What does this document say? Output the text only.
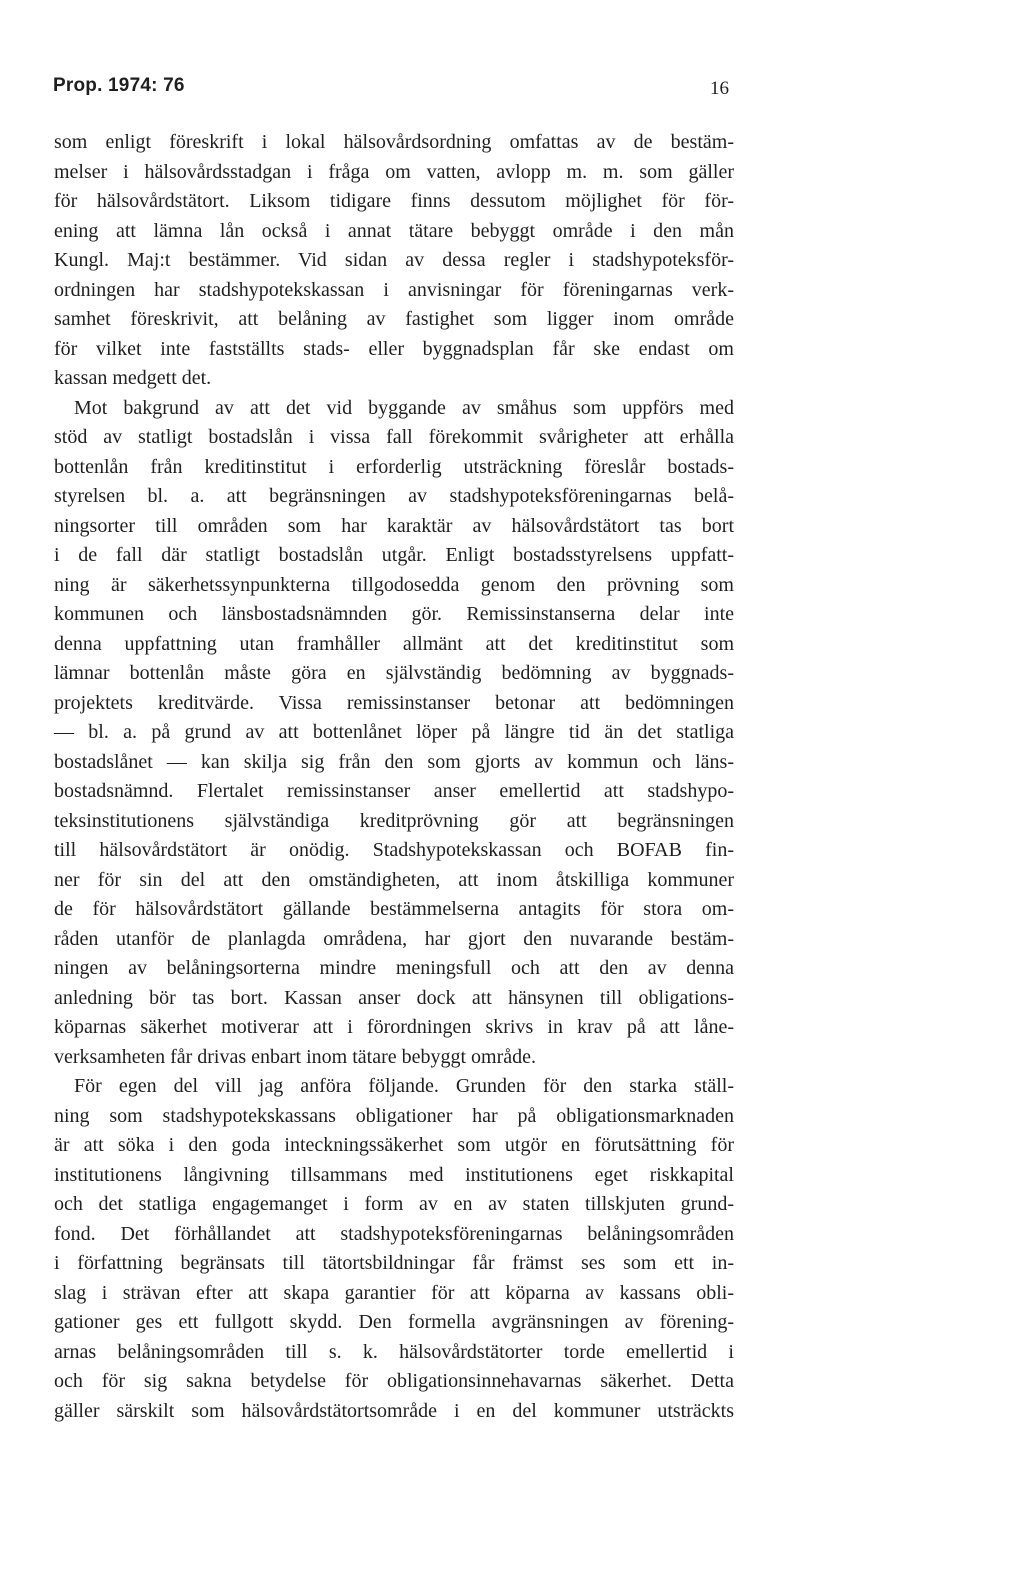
Prop. 1974: 76	16
som enligt föreskrift i lokal hälsovårdsordning omfattas av de bestäm-
melser i hälsovårdsstadgan i fråga om vatten, avlopp m. m. som gäller
för hälsovårdstätort. Liksom tidigare finns dessutom möjlighet för för-
ening att lämna lån också i annat tätare bebyggt område i den mån
Kungl. Maj:t bestämmer. Vid sidan av dessa regler i stadshypoteksför-
ordningen har stadshypotekskassan i anvisningar för föreningarnas verk-
samhet föreskrivit, att belåning av fastighet som ligger inom område
för vilket inte fastställts stads- eller byggnadsplan får ske endast om
kassan medgett det.
Mot bakgrund av att det vid byggande av småhus som uppförs med
stöd av statligt bostadslån i vissa fall förekommit svårigheter att erhålla
bottenlån från kreditinstitut i erforderlig utsträckning föreslår bostads-
styrelsen bl. a. att begränsningen av stadshypoteksföreningarnas belå-
ningsorter till områden som har karaktär av hälsovårdstätort tas bort
i de fall där statligt bostadslån utgår. Enligt bostadsstyrelsens uppfatt-
ning är säkerhetssynpunkterna tillgodosedda genom den prövning som
kommunen och länsbostadsnämnden gör. Remissinstanserna delar inte
denna uppfattning utan framhåller allmänt att det kreditinstitut som
lämnar bottenlån måste göra en självständig bedömning av byggnads-
projektets kreditvärde. Vissa remissinstanser betonar att bedömningen
— bl. a. på grund av att bottenlånet löper på längre tid än det statliga
bostadslånet — kan skilja sig från den som gjorts av kommun och läns-
bostadsnämnd. Flertalet remissinstanser anser emellertid att stadshypo-
teksinstitutionens självständiga kreditprövning gör att begränsningen
till hälsovårdstätort är onödig. Stadshypotekskassan och BOFAB fin-
ner för sin del att den omständigheten, att inom åtskilliga kommuner
de för hälsovårdstätort gällande bestämmelserna antagits för stora om-
råden utanför de planlagda områdena, har gjort den nuvarande bestäm-
ningen av belåningsorterna mindre meningsfull och att den av denna
anledning bör tas bort. Kassan anser dock att hänsynen till obligations-
köparnas säkerhet motiverar att i förordningen skrivs in krav på att låne-
verksamheten får drivas enbart inom tätare bebyggt område.
För egen del vill jag anföra följande. Grunden för den starka ställ-
ning som stadshypotekskassans obligationer har på obligationsmarknaden
är att söka i den goda inteckningssäkerhet som utgör en förutsättning för
institutionens långivning tillsammans med institutionens eget riskkapital
och det statliga engagemanget i form av en av staten tillskjuten grund-
fond. Det förhållandet att stadshypoteksföreningarnas belåningsområden
i författning begränsats till tätortsbildningar får främst ses som ett in-
slag i strävan efter att skapa garantier för att köparna av kassans obli-
gationer ges ett fullgott skydd. Den formella avgränsningen av förening-
arnas belåningsområden till s. k. hälsovårdstätorter torde emellertid i
och för sig sakna betydelse för obligationsinnehavarnas säkerhet. Detta
gäller särskilt som hälsovårdstätortsområde i en del kommuner utsträckts
